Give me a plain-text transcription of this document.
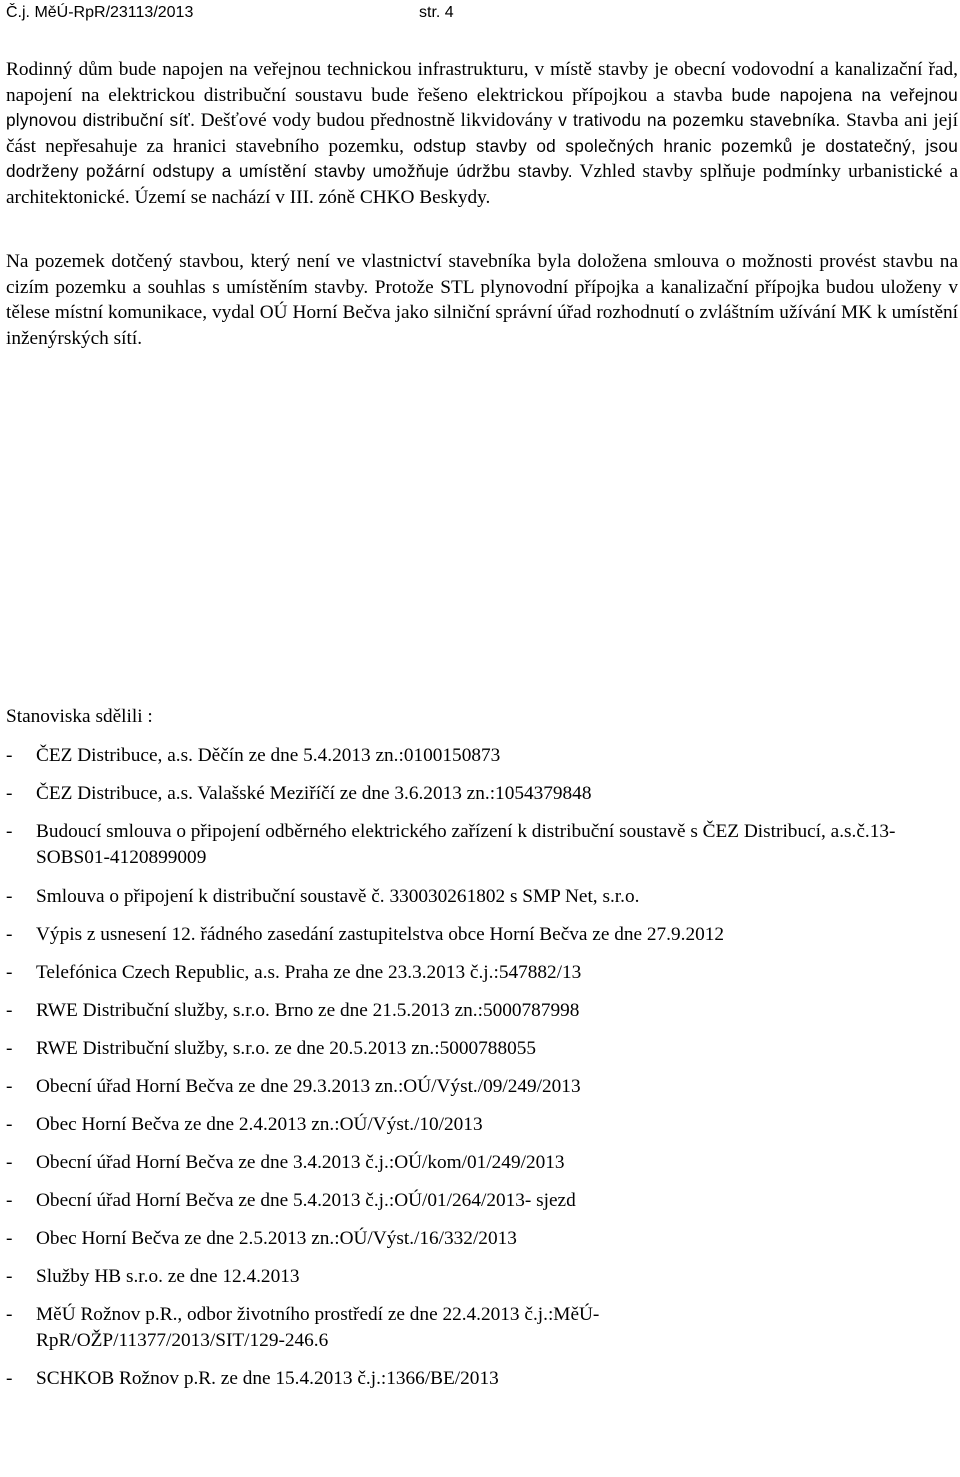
Č.j. MěÚ-RpR/23113/2013	str. 4

Rodinný dům bude napojen na veřejnou technickou infrastrukturu, v místě stavby je obecní vodovodní a kanalizační řad, napojení na elektrickou distribuční soustavu bude řešeno elektrickou přípojkou a stavba bude napojena na veřejnou plynovou distribuční síť. Dešťové vody budou přednostně likvidovány v trativodu na pozemku stavebníka. Stavba ani její část nepřesahuje za hranici stavebního pozemku, odstup stavby od společných hranic pozemků je dostatečný, jsou dodrženy požární odstupy a umístění stavby umožňuje údržbu stavby. Vzhled stavby splňuje podmínky urbanistické a architektonické. Území se nachází v III. zóně CHKO Beskydy.

Na pozemek dotčený stavbou, který není ve vlastnictví stavebníka byla doložena smlouva o možnosti provést stavbu na cizím pozemku a souhlas s umístěním stavby. Protože STL plynovodní přípojka a kanalizační přípojka budou uloženy v tělese místní komunikace, vydal OÚ Horní Bečva jako silniční správní úřad rozhodnutí o zvláštním užívání MK k umístění inženýrských sítí.

Stanoviska sdělili :

- ČEZ Distribuce, a.s. Děčín ze dne 5.4.2013 zn.:0100150873
- ČEZ Distribuce, a.s. Valašské Meziříčí ze dne 3.6.2013 zn.:1054379848
- Budoucí smlouva o připojení odběrného elektrického zařízení k distribuční soustavě s ČEZ Distribucí, a.s.č.13-SOBS01-4120899009
- Smlouva o připojení k distribuční soustavě č. 330030261802 s SMP Net, s.r.o.
- Výpis z usnesení 12. řádného zasedání zastupitelstva obce Horní Bečva ze dne 27.9.2012
- Telefónica Czech Republic, a.s. Praha ze dne 23.3.2013 č.j.:547882/13
- RWE Distribuční služby, s.r.o. Brno ze dne 21.5.2013 zn.:5000787998
- RWE Distribuční služby, s.r.o. ze dne 20.5.2013 zn.:5000788055
- Obecní úřad Horní Bečva ze dne 29.3.2013 zn.:OÚ/Výst./09/249/2013
- Obec Horní Bečva ze dne 2.4.2013 zn.:OÚ/Výst./10/2013
- Obecní úřad Horní Bečva ze dne 3.4.2013 č.j.:OÚ/kom/01/249/2013
- Obecní úřad Horní Bečva ze dne 5.4.2013 č.j.:OÚ/01/264/2013- sjezd
- Obec Horní Bečva ze dne 2.5.2013 zn.:OÚ/Výst./16/332/2013
- Služby HB s.r.o. ze dne 12.4.2013
- MěÚ Rožnov p.R., odbor životního prostředí ze dne 22.4.2013 č.j.:MěÚ-RpR/OŽP/11377/2013/SIT/129-246.6
- SCHKOB Rožnov p.R. ze dne 15.4.2013 č.j.:1366/BE/2013
